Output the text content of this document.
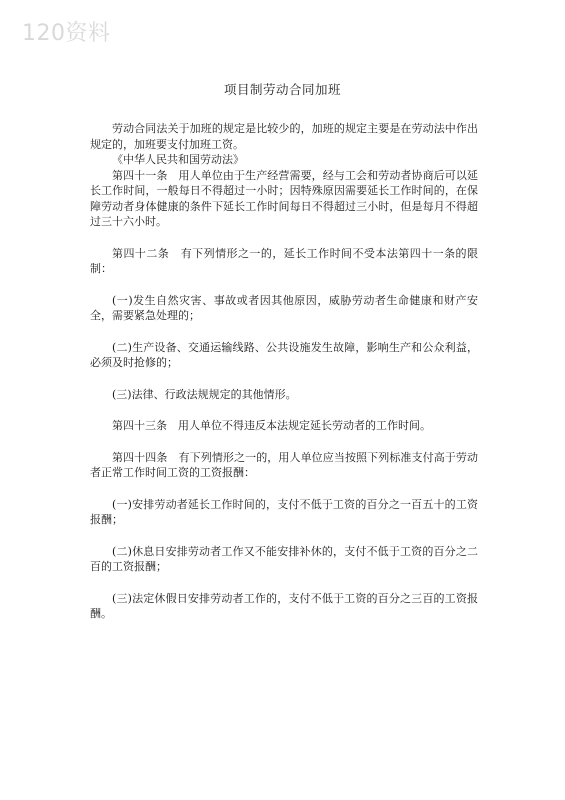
120资料
项目制劳动合同加班

劳动合同法关于加班的规定是比较少的，加班的规定主要是在劳动法中作出规定的，加班要支付加班工资。

《中华人民共和国劳动法》

第四十一条　用人单位由于生产经营需要，经与工会和劳动者协商后可以延长工作时间，一般每日不得超过一小时；因特殊原因需要延长工作时间的，在保障劳动者身体健康的条件下延长工作时间每日不得超过三小时，但是每月不得超过三十六小时。

第四十二条　有下列情形之一的，延长工作时间不受本法第四十一条的限制：

(一)发生自然灾害、事故或者因其他原因，威胁劳动者生命健康和财产安全，需要紧急处理的；

(二)生产设备、交通运输线路、公共设施发生故障，影响生产和公众利益，必须及时抢修的；

(三)法律、行政法规规定的其他情形。

第四十三条　用人单位不得违反本法规定延长劳动者的工作时间。

第四十四条　有下列情形之一的，用人单位应当按照下列标准支付高于劳动者正常工作时间工资的工资报酬：

(一)安排劳动者延长工作时间的，支付不低于工资的百分之一百五十的工资报酬；

(二)休息日安排劳动者工作又不能安排补休的，支付不低于工资的百分之二百的工资报酬；

(三)法定休假日安排劳动者工作的，支付不低于工资的百分之三百的工资报酬。
